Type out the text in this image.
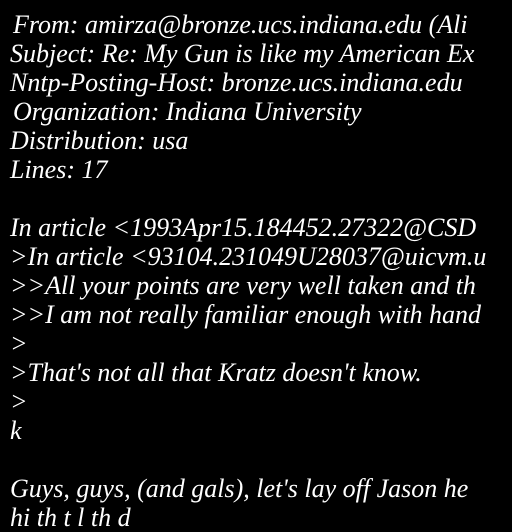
From: amirza@bronze.ucs.indiana.edu (Ali
Subject: Re: My Gun is like my American Ex
Nntp-Posting-Host: bronze.ucs.indiana.edu
Organization: Indiana University
Distribution: usa
Lines: 17
In article <1993Apr15.184452.27322@CSD
>In article <93104.231049U28037@uicvm.u
>>All your points are very well taken and th
>>I am not really familiar enough with hand
>
>That's not all that Kratz doesn't know.
>
k
Guys, guys, (and gals), let's lay off Jason he
hi th t l th d
